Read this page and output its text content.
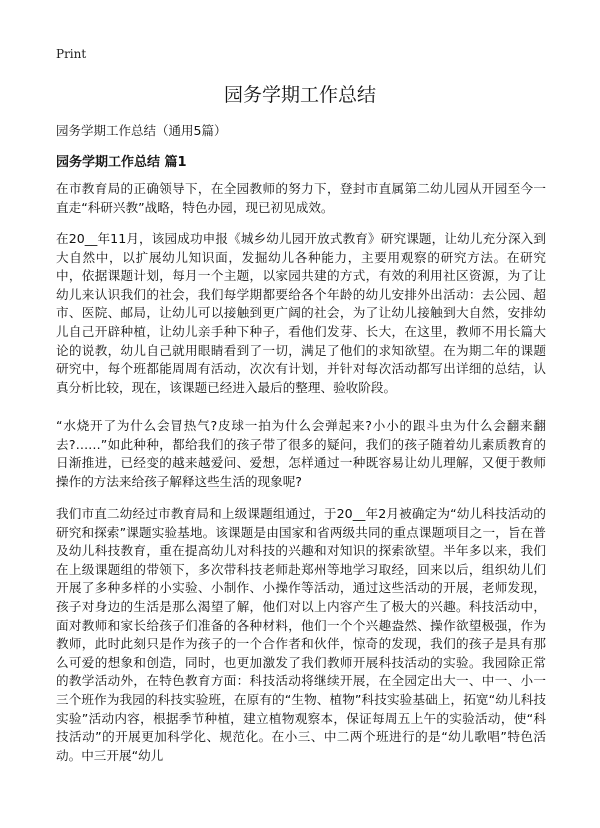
Print
园务学期工作总结

园务学期工作总结（通用5篇）

园务学期工作总结 篇1

在市教育局的正确领导下，在全园教师的努力下，登封市直属第二幼儿园从开园至今一直走“科研兴教”战略，特色办园，现已初见成效。

在20__年11月，该园成功申报《城乡幼儿园开放式教育》研究课题，让幼儿充分深入到大自然中，以扩展幼儿知识面，发掘幼儿各种能力，主要用观察的研究方法。在研究中，依据课题计划，每月一个主题，以家园共建的方式，有效的利用社区资源，为了让幼儿来认识我们的社会，我们每学期都要给各个年龄的幼儿安排外出活动：去公园、超市、医院、邮局，让幼儿可以接触到更广阔的社会，为了让幼儿接触到大自然，安排幼儿自己开辟种植，让幼儿亲手种下种子，看他们发芽、长大，在这里，教师不用长篇大论的说教，幼儿自己就用眼睛看到了一切，满足了他们的求知欲望。在为期二年的课题研究中，每个班都能周周有活动，次次有计划，并针对每次活动都写出详细的总结，认真分析比较，现在，该课题已经进入最后的整理、验收阶段。

“水烧开了为什么会冒热气?皮球一拍为什么会弹起来?小小的跟斗虫为什么会翻来翻去?……”如此种种，都给我们的孩子带了很多的疑问，我们的孩子随着幼儿素质教育的日渐推进，已经变的越来越爱问、爱想，怎样通过一种既容易让幼儿理解，又便于教师操作的方法来给孩子解释这些生活的现象呢?

我们市直二幼经过市教育局和上级课题组通过，于20__年2月被确定为“幼儿科技活动的研究和探索”课题实验基地。该课题是由国家和省两级共同的重点课题项目之一，旨在普及幼儿科技教育，重在提高幼儿对科技的兴趣和对知识的探索欲望。半年多以来，我们在上级课题组的带领下，多次带科技老师赴郑州等地学习取经，回来以后，组织幼儿们开展了多种多样的小实验、小制作、小操作等活动，通过这些活动的开展，老师发现，孩子对身边的生活是那么渴望了解，他们对以上内容产生了极大的兴趣。科技活动中，面对教师和家长给孩子们准备的各种材料，他们一个个兴趣盎然、操作欲望极强，作为教师，此时此刻只是作为孩子的一个合作者和伙伴，惊奇的发现，我们的孩子是具有那么可爱的想象和创造，同时，也更加激发了我们教师开展科技活动的实验。我园除正常的教学活动外，在特色教育方面：科技活动将继续开展，在全园定出大一、中一、小一三个班作为我园的科技实验班，在原有的“生物、植物”科技实验基础上，拓宽“幼儿科技实验”活动内容，根据季节种植，建立植物观察本，保证每周五上午的实验活动，使“科技活动”的开展更加科学化、规范化。在小三、中二两个班进行的是“幼儿歌唱”特色活动。中三开展“幼儿
